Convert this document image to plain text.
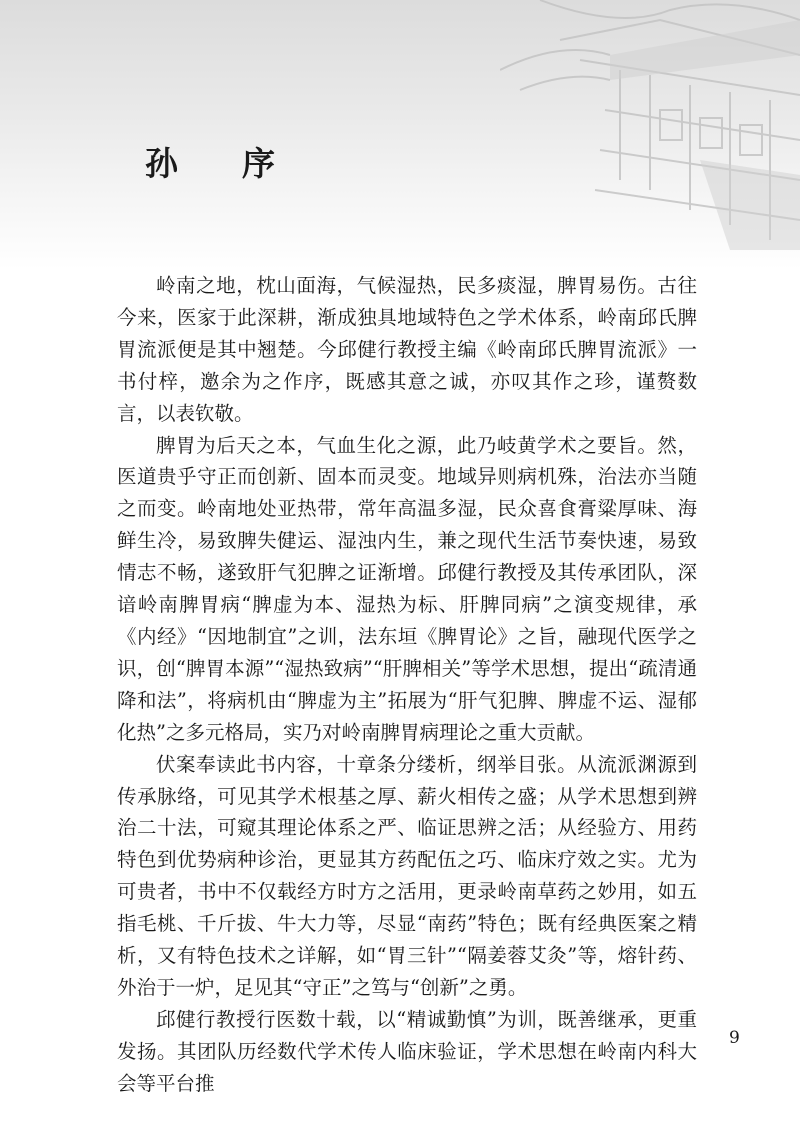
孙 序

岭南之地，枕山面海，气候湿热，民多痰湿，脾胃易伤。古往今来，医家于此深耕，渐成独具地域特色之学术体系，岭南邱氏脾胃流派便是其中翘楚。今邱健行教授主编《岭南邱氏脾胃流派》一书付梓，邀余为之作序，既感其意之诚，亦叹其作之珍，谨赘数言，以表钦敬。

脾胃为后天之本，气血生化之源，此乃岐黄学术之要旨。然，医道贵乎守正而创新、固本而灵变。地域异则病机殊，治法亦当随之而变。岭南地处亚热带，常年高温多湿，民众喜食膏粱厚味、海鲜生冷，易致脾失健运、湿浊内生，兼之现代生活节奏快速，易致情志不畅，遂致肝气犯脾之证渐增。邱健行教授及其传承团队，深谙岭南脾胃病“脾虚为本、湿热为标、肝脾同病”之演变规律，承《内经》“因地制宜”之训，法东垣《脾胃论》之旨，融现代医学之识，创“脾胃本源”“湿热致病”“肝脾相关”等学术思想，提出“疏清通降和法”，将病机由“脾虚为主”拓展为“肝气犯脾、脾虚不运、湿郁化热”之多元格局，实乃对岭南脾胃病理论之重大贡献。

伏案奉读此书内容，十章条分缕析，纲举目张。从流派渊源到传承脉络，可见其学术根基之厚、薪火相传之盛；从学术思想到辨治二十法，可窥其理论体系之严、临证思辨之活；从经验方、用药特色到优势病种诊治，更显其方药配伍之巧、临床疗效之实。尤为可贵者，书中不仅载经方时方之活用，更录岭南草药之妙用，如五指毛桃、千斤拔、牛大力等，尽显“南药”特色；既有经典医案之精析，又有特色技术之详解，如“胃三针”“隔姜蓉艾灸”等，熔针药、外治于一炉，足见其“守正”之笃与“创新”之勇。

邱健行教授行医数十载，以“精诚勤慎”为训，既善继承，更重发扬。其团队历经数代学术传人临床验证，学术思想在岭南内科大会等平台推

9
